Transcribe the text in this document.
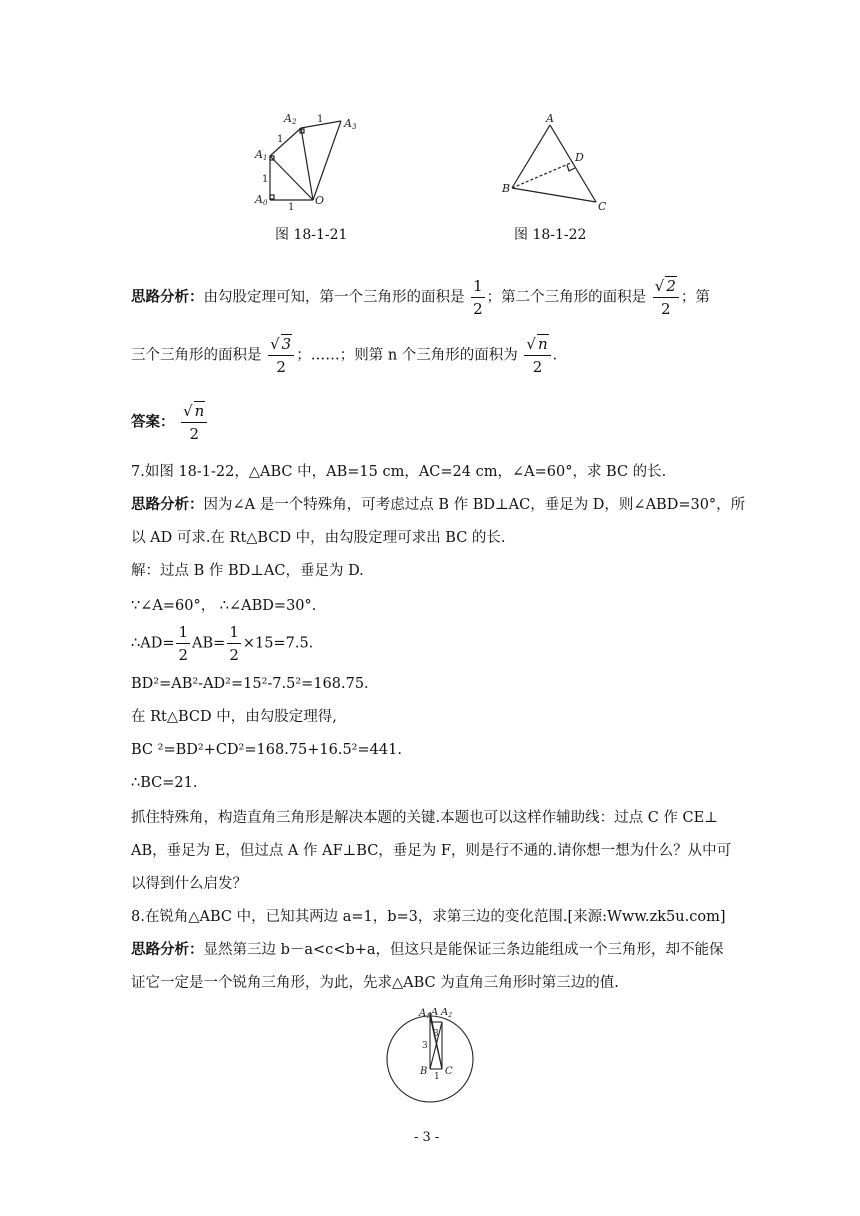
A0
A1
A2	A3
O
1
1
1
1
图 18-1-21
A
B
C
D
图 18-1-22
思路分析：由勾股定理可知，第一个三角形的面积是 $\frac{1}{2}$ ；第二个三角形的面积是 $\frac{√ 2}{2}$ ；第
三个三角形的面积是 $\frac{√ 3}{2}$ ；……；则第 n 个三角形的面积为 $\frac{√ n}{2}$ .
答案： $\frac{√ n}{2}$
7.如图 18-1-22，△ABC 中，AB=15 cm，AC=24 cm，∠A=60°，求 BC 的长.
思路分析：因为∠A 是一个特殊角，可考虑过点 B 作 BD⊥AC，垂足为 D，则∠ABD=30°，所
以 AD 可求.在 Rt△BCD 中，由勾股定理可求出 BC 的长.
解：过点 B 作 BD⊥AC，垂足为 D.
∵∠A=60°， ∴∠ABD=30°.
∴AD= $\frac{1}{2} AB= \frac{1}{2} \times 15=7.5$.
BD²=AB²-AD²=15²-7.5²=168.75.
在 Rt△BCD 中，由勾股定理得,
BC ²=BD²+CD²=168.75+16.5²=441.
∴BC=21.
抓住特殊角，构造直角三角形是解决本题的关键.本题也可以这样作辅助线：过点 C 作 CE⊥
AB，垂足为 E，但过点 A 作 AF⊥BC，垂足为 F，则是行不通的.请你想一想为什么？从中可
以得到什么启发？
8.在锐角△ABC 中，已知其两边 a=1，b=3，求第三边的变化范围.[来源:Www.zk5u.com]
思路分析：显然第三边 b－a<c<b+a，但这只是能保证三条边能组成一个三角形，却不能保
证它一定是一个锐角三角形，为此，先求△ABC 为直角三角形时第三边的值.
$A_1$ A $A_2$
B C
3
3
1
- 3 -
